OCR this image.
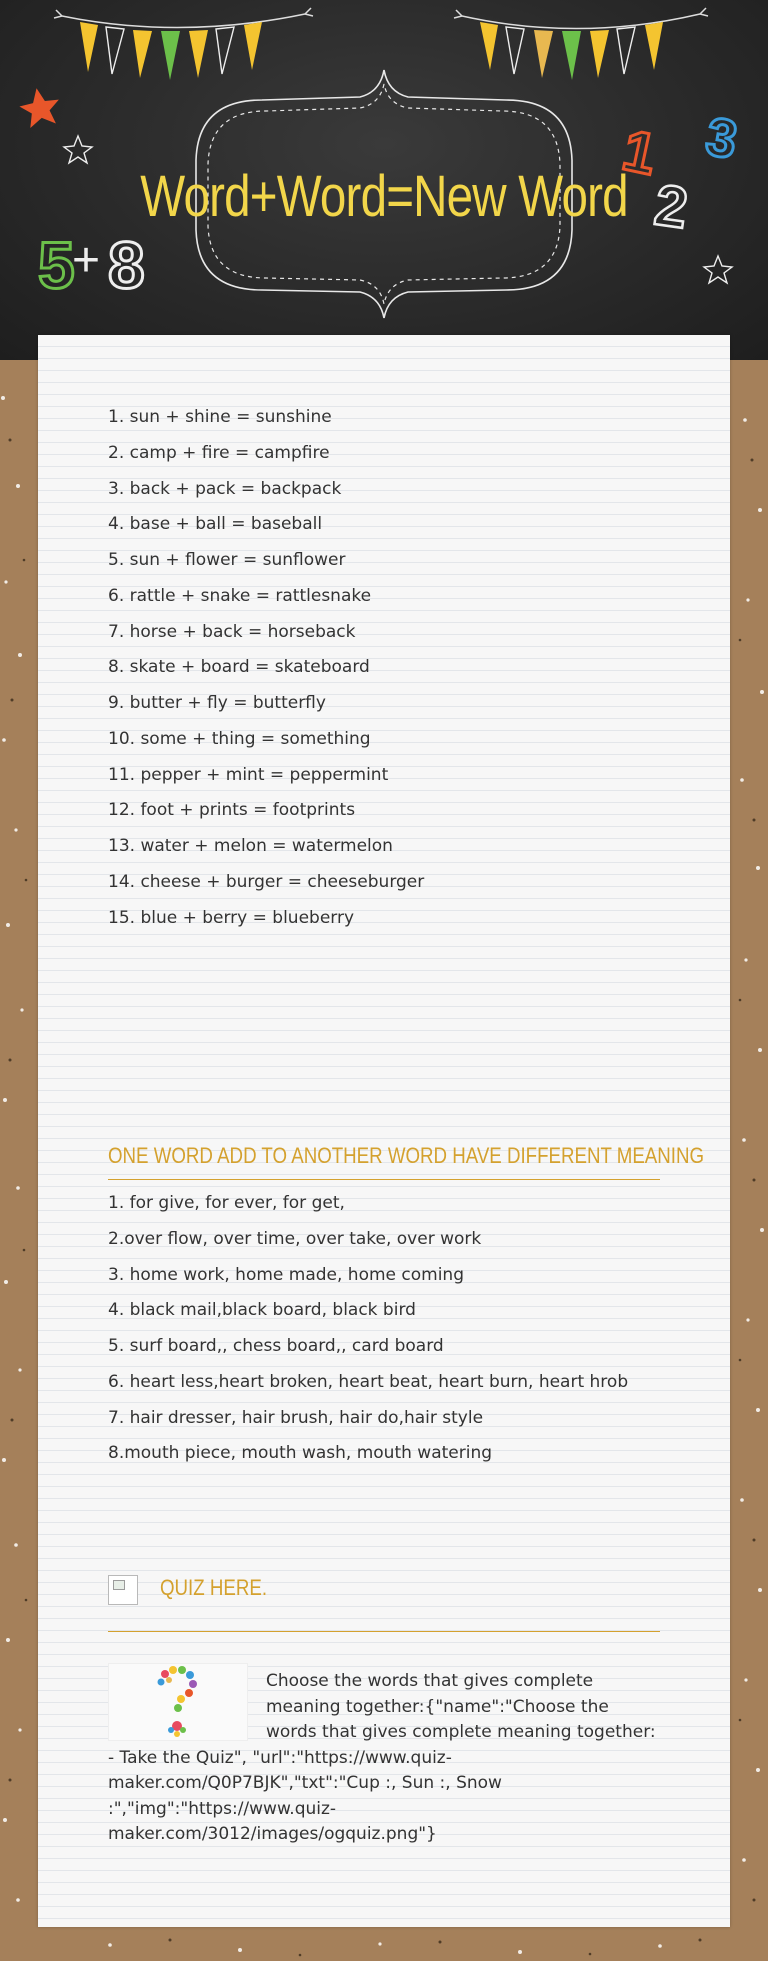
5
+ 8
1
2
3
Word+Word=New Word
1. sun + shine = sunshine
2. camp + fire = campfire
3. back + pack = backpack
4. base + ball = baseball
5. sun + flower = sunflower
6. rattle + snake = rattlesnake
7. horse + back = horseback
8. skate + board = skateboard
9. butter + fly = butterfly
10. some + thing = something
11. pepper + mint = peppermint
12. foot + prints = footprints
13. water + melon = watermelon
14. cheese + burger = cheeseburger
15. blue + berry = blueberry
ONE WORD ADD TO ANOTHER WORD HAVE DIFFERENT MEANING
1. for give, for ever, for get,
2.over flow, over time, over take, over work
3. home work, home made, home coming
4. black mail,black board, black bird
5. surf board,, chess board,, card board
6. heart less,heart broken, heart beat, heart burn, heart hrob
7. hair dresser, hair brush, hair do,hair style
8.mouth piece, mouth wash, mouth watering
QUIZ HERE.
Choose the words that gives complete meaning together:{"name":"Choose the words that gives complete meaning together: - Take the Quiz", "url":"https://www.quiz-maker.com/Q0P7BJK","txt":"Cup :, Sun :, Snow :","img":"https://www.quiz-maker.com/3012/images/ogquiz.png"}
